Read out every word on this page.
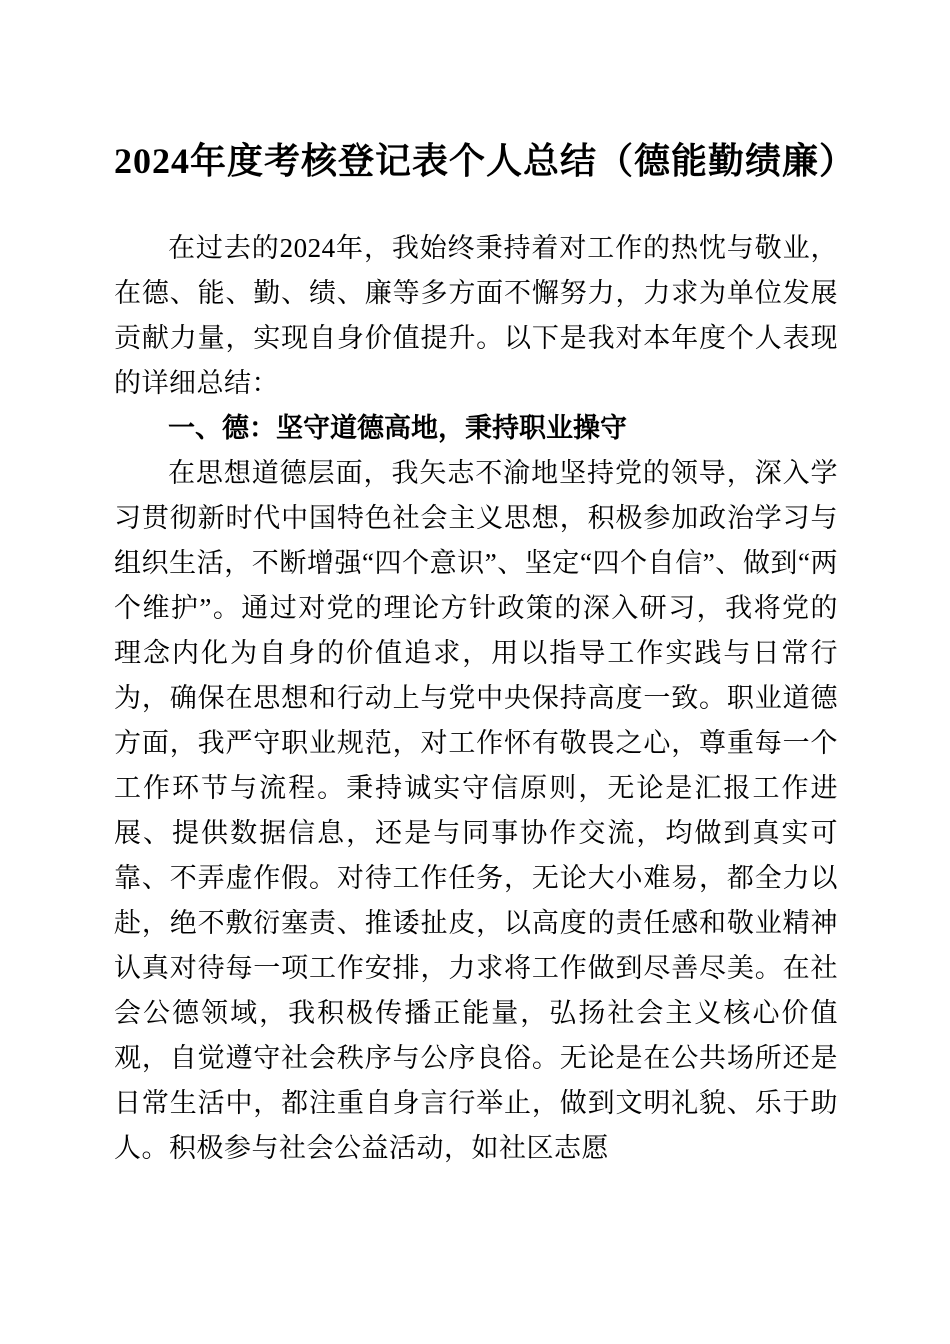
2024年度考核登记表个人总结（德能勤绩廉）

在过去的2024年，我始终秉持着对工作的热忱与敬业，在德、能、勤、绩、廉等多方面不懈努力，力求为单位发展贡献力量，实现自身价值提升。以下是我对本年度个人表现的详细总结：

一、德：坚守道德高地，秉持职业操守

在思想道德层面，我矢志不渝地坚持党的领导，深入学习贯彻新时代中国特色社会主义思想，积极参加政治学习与组织生活，不断增强“四个意识”、坚定“四个自信”、做到“两个维护”。通过对党的理论方针政策的深入研习，我将党的理念内化为自身的价值追求，用以指导工作实践与日常行为，确保在思想和行动上与党中央保持高度一致。职业道德方面，我严守职业规范，对工作怀有敬畏之心，尊重每一个工作环节与流程。秉持诚实守信原则，无论是汇报工作进展、提供数据信息，还是与同事协作交流，均做到真实可靠、不弄虚作假。对待工作任务，无论大小难易，都全力以赴，绝不敷衍塞责、推诿扯皮，以高度的责任感和敬业精神认真对待每一项工作安排，力求将工作做到尽善尽美。在社会公德领域，我积极传播正能量，弘扬社会主义核心价值观，自觉遵守社会秩序与公序良俗。无论是在公共场所还是日常生活中，都注重自身言行举止，做到文明礼貌、乐于助人。积极参与社会公益活动，如社区志愿
